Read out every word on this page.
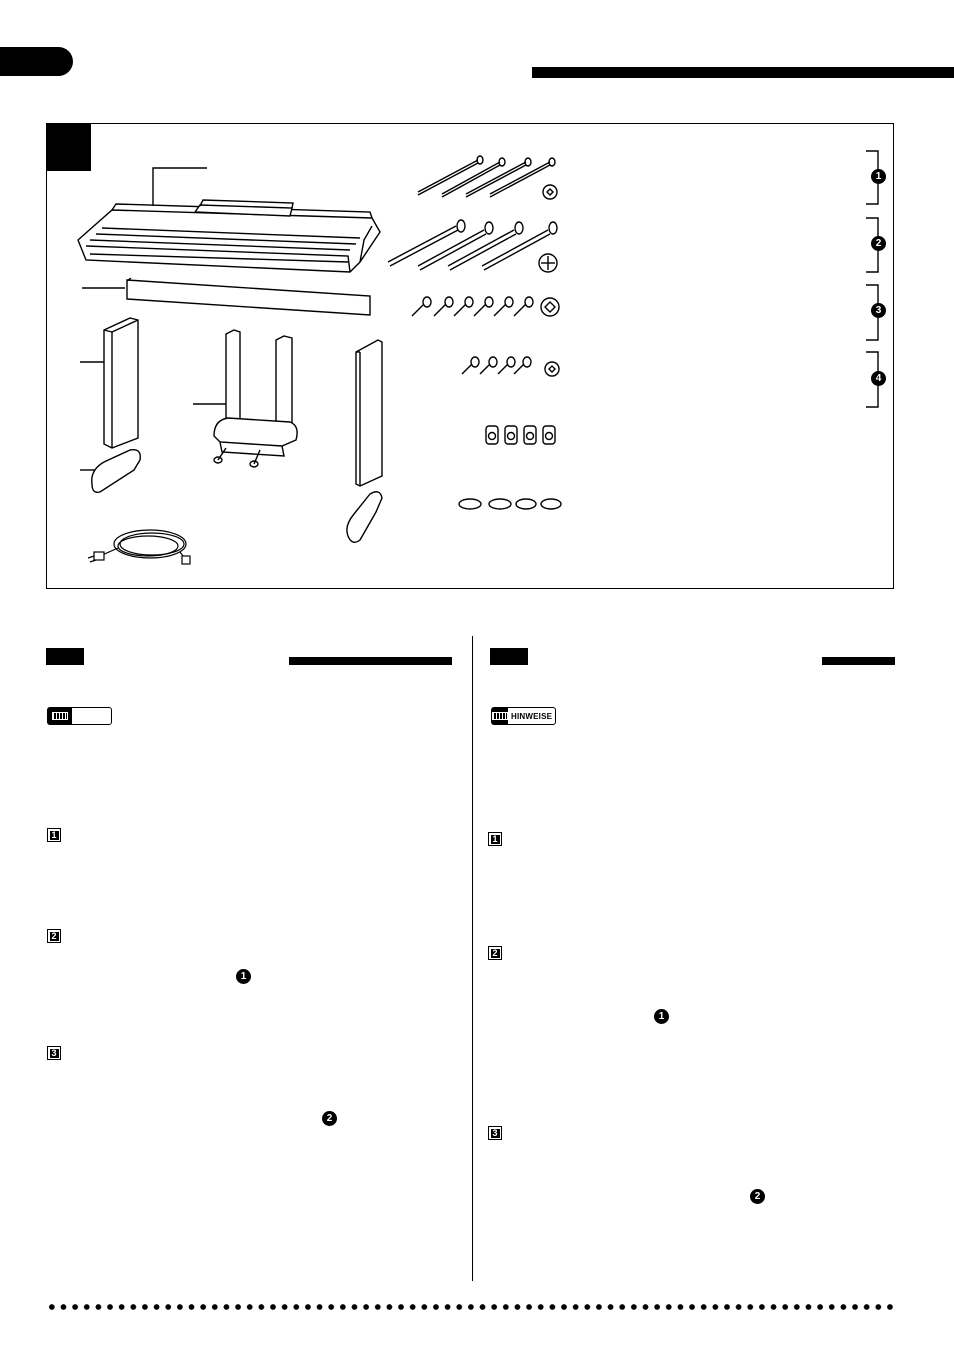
1
2
3
4
1
2
1
3
2
HINWEISE
1
2
1
3
2
